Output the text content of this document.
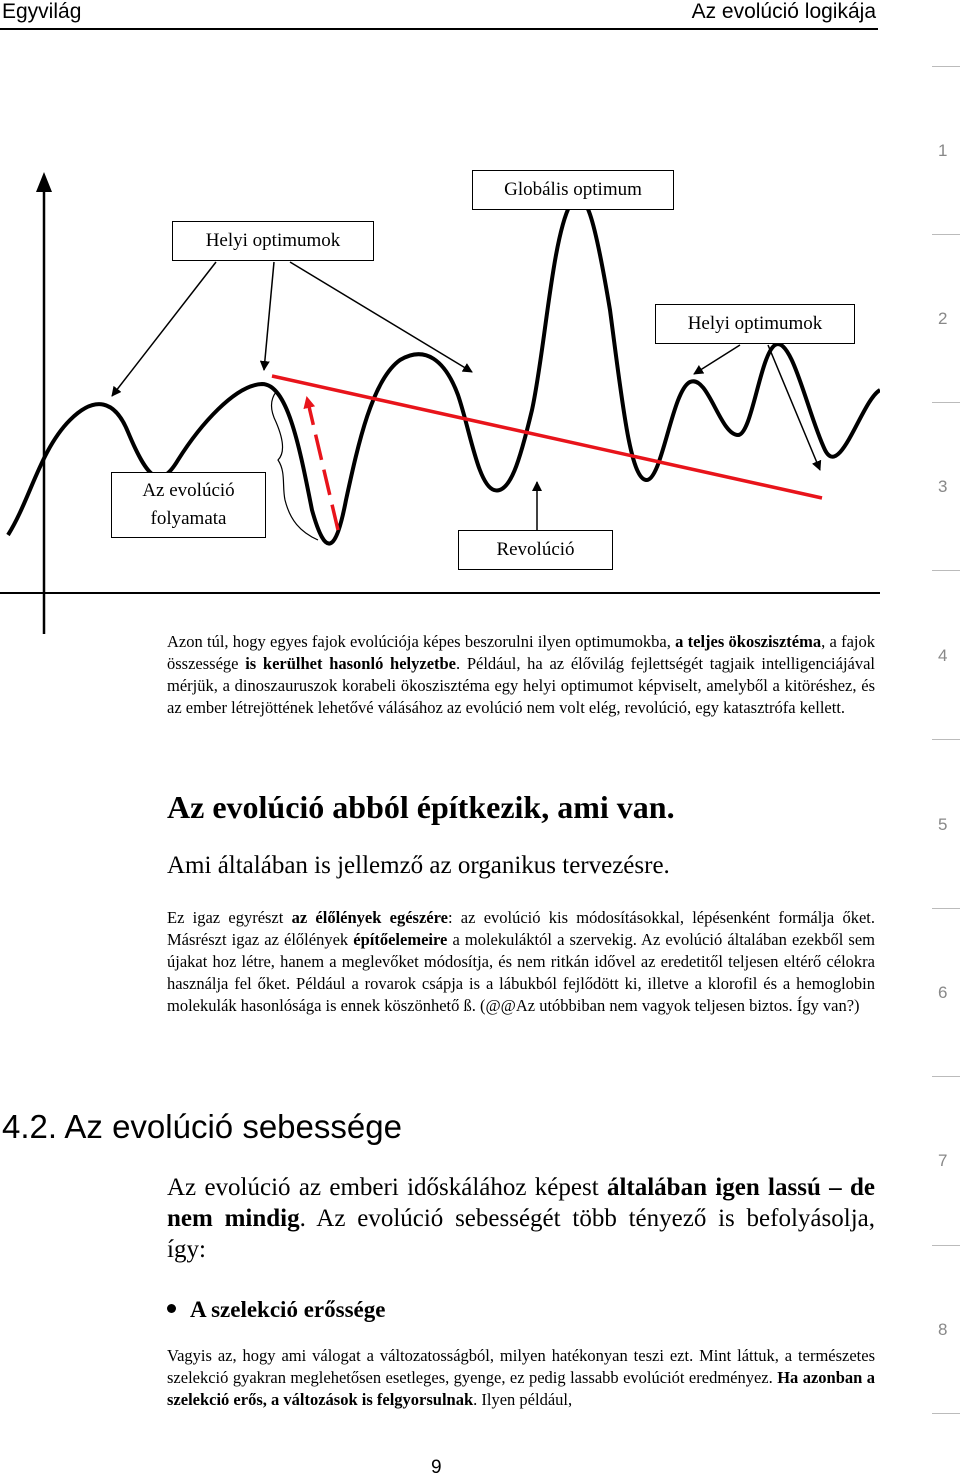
Egyvilág	Az evolúció logikája
1
2
3
4
5
6
7
8
Globális optimum
Helyi optimumok
Helyi optimumok
Az evolúció
folyamata
Revolúció
Azon túl, hogy egyes fajok evolúciója képes beszorulni ilyen optimumokba, a teljes ökoszisztéma, a fajok összessége is kerülhet hasonló helyzetbe. Például, ha az élővilág fejlettségét tagjaik intelligenciájával mérjük, a dinoszauruszok korabeli ökoszisztéma egy helyi optimumot képviselt, amelyből a kitöréshez, és az ember létrejöttének lehetővé válásához az evolúció nem volt elég, revolúció, egy katasztrófa kellett.
Az evolúció abból építkezik, ami van.
Ami általában is jellemző az organikus tervezésre.
Ez igaz egyrészt az élőlények egészére: az evolúció kis módosításokkal, lépésenként formálja őket. Másrészt igaz az élőlények építőelemeire a molekuláktól a szervekig. Az evolúció általában ezekből sem újakat hoz létre, hanem a meglevőket módosítja, és nem ritkán idővel az eredetitől teljesen eltérő célokra használja fel őket. Például a rovarok csápja is a lábukból fejlődött ki, illetve a klorofil és a hemoglobin molekulák hasonlósága is ennek köszönhető ß. (@@Az utóbbiban nem vagyok teljesen biztos. Így van?)
4.2. Az evolúció sebessége
Az evolúció az emberi időskálához képest általában igen lassú – de nem mindig. Az evolúció sebességét több tényező is befolyásolja, így:
A szelekció erőssége
Vagyis az, hogy ami válogat a változatosságból, milyen hatékonyan teszi ezt. Mint láttuk, a természetes szelekció gyakran meglehetősen esetleges, gyenge, ez pedig lassabb evolúciót eredményez. Ha azonban a szelekció erős, a változások is felgyorsulnak. Ilyen például,
9
